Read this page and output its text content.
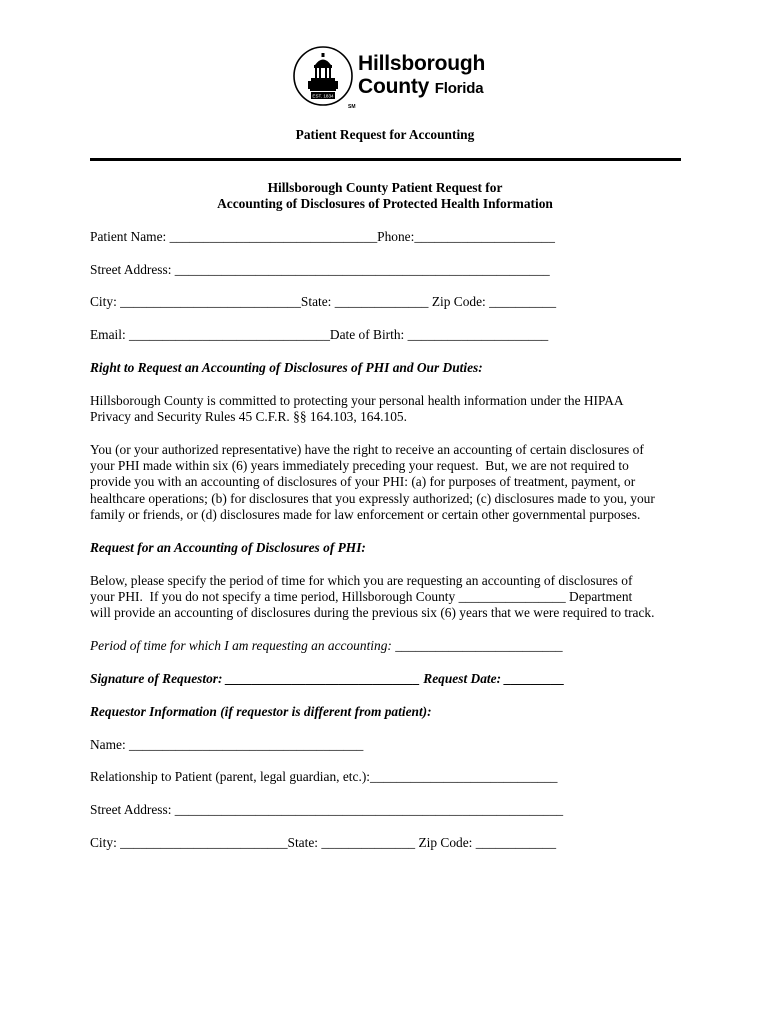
EST. 1834
Hillsborough
County Florida
SM
Patient Request for Accounting
Hillsborough County Patient Request for
Accounting of Disclosures of Protected Health Information
Patient Name: _______________________________Phone:_____________________
Street Address: ________________________________________________________
City: ___________________________State: ______________ Zip Code: __________
Email: ______________________________Date of Birth: _____________________
Right to Request an Accounting of Disclosures of PHI and Our Duties:
Hillsborough County is committed to protecting your personal health information under the HIPAA
Privacy and Security Rules 45 C.F.R. §§ 164.103, 164.105.
You (or your authorized representative) have the right to receive an accounting of certain disclosures of
your PHI made within six (6) years immediately preceding your request.  But, we are not required to
provide you with an accounting of disclosures of your PHI: (a) for purposes of treatment, payment, or
healthcare operations; (b) for disclosures that you expressly authorized; (c) disclosures made to you, your
family or friends, or (d) disclosures made for law enforcement or certain other governmental purposes.
Request for an Accounting of Disclosures of PHI:
Below, please specify the period of time for which you are requesting an accounting of disclosures of
your PHI.  If you do not specify a time period, Hillsborough County ________________ Department
will provide an accounting of disclosures during the previous six (6) years that we were required to track.
Period of time for which I am requesting an accounting: _________________________
Signature of Requestor: _____________________________ Request Date: _________
Requestor Information (if requestor is different from patient):
Name: ___________________________________
Relationship to Patient (parent, legal guardian, etc.):____________________________
Street Address: __________________________________________________________
City: _________________________State: ______________ Zip Code: ____________
